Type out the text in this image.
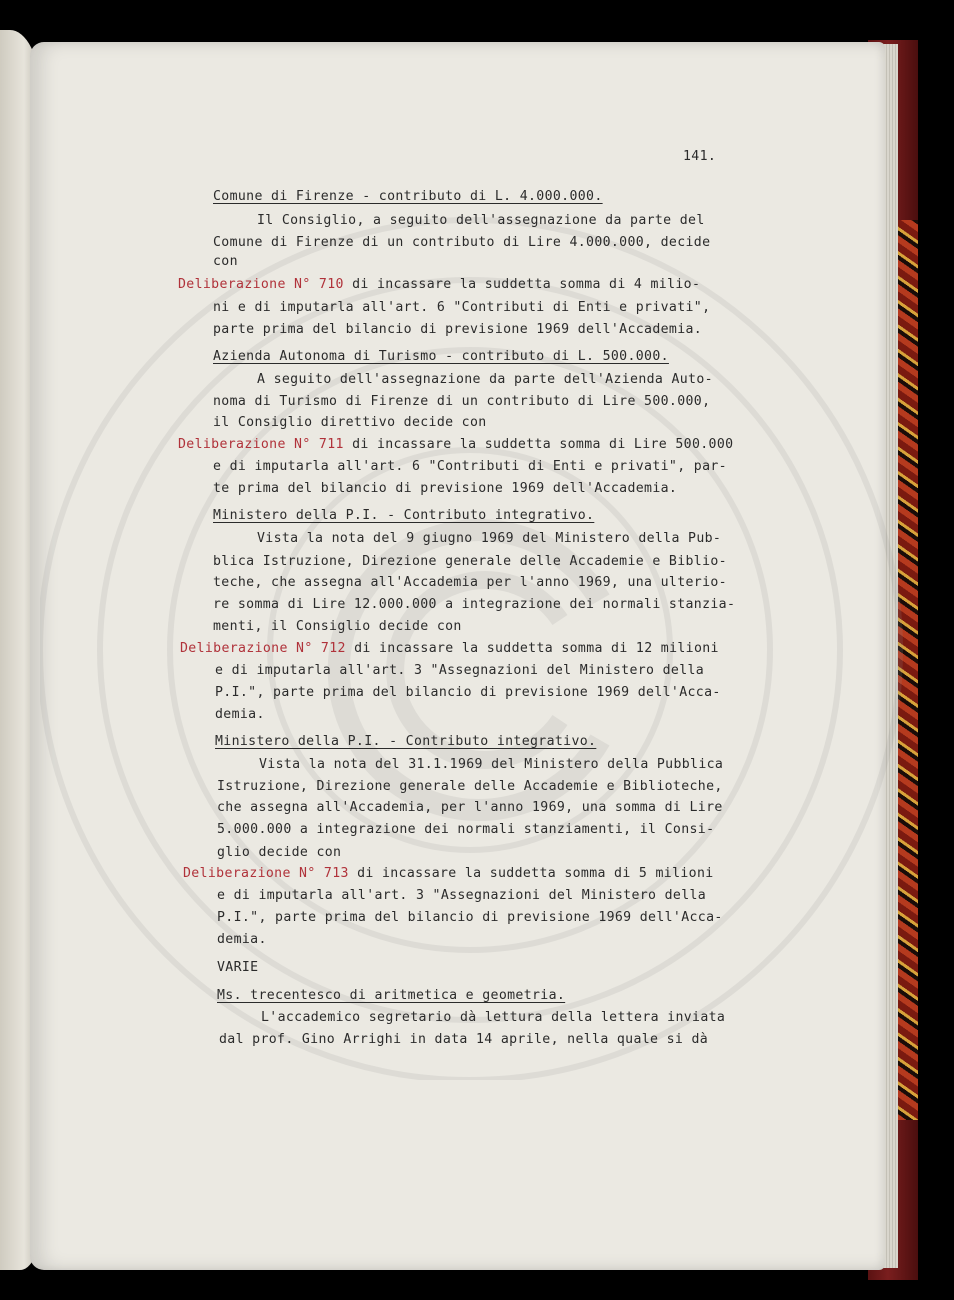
141.
Comune di Firenze - contributo di L. 4.000.000.
Il Consiglio, a seguito dell'assegnazione da parte del
Comune di Firenze di un contributo di Lire 4.000.000, decide
con
Deliberazione N° 710 di incassare la suddetta somma di 4 milio-
ni e di imputarla all'art. 6 "Contributi di Enti e privati",
parte prima del bilancio di previsione 1969 dell'Accademia.
Azienda Autonoma di Turismo - contributo di L. 500.000.
A seguito dell'assegnazione da parte dell'Azienda Auto-
noma di Turismo di Firenze di un contributo di Lire 500.000,
il Consiglio direttivo decide con
Deliberazione N° 711 di incassare la suddetta somma di Lire 500.000
e di imputarla all'art. 6 "Contributi di Enti e privati", par-
te prima del bilancio di previsione 1969 dell'Accademia.
Ministero della P.I. - Contributo integrativo.
Vista la nota del 9 giugno 1969 del Ministero della Pub-
blica Istruzione, Direzione generale delle Accademie e Biblio-
teche, che assegna all'Accademia per l'anno 1969, una ulterio-
re somma di Lire 12.000.000 a integrazione dei normali stanzia-
menti, il Consiglio decide con
Deliberazione N° 712 di incassare la suddetta somma di 12 milioni
e di imputarla all'art. 3 "Assegnazioni del Ministero della
P.I.", parte prima del bilancio di previsione 1969 dell'Acca-
demia.
Ministero della P.I. - Contributo integrativo.
Vista la nota del 31.1.1969 del Ministero della Pubblica
Istruzione, Direzione generale delle Accademie e Biblioteche,
che assegna all'Accademia, per l'anno 1969, una somma di Lire
5.000.000 a integrazione dei normali stanziamenti, il Consi-
glio decide con
Deliberazione N° 713 di incassare la suddetta somma di 5 milioni
e di imputarla all'art. 3 "Assegnazioni del Ministero della
P.I.", parte prima del bilancio di previsione 1969 dell'Acca-
demia.
VARIE
Ms. trecentesco di aritmetica e geometria.
L'accademico segretario dà lettura della lettera inviata
dal prof. Gino Arrighi in data 14 aprile, nella quale si dà
